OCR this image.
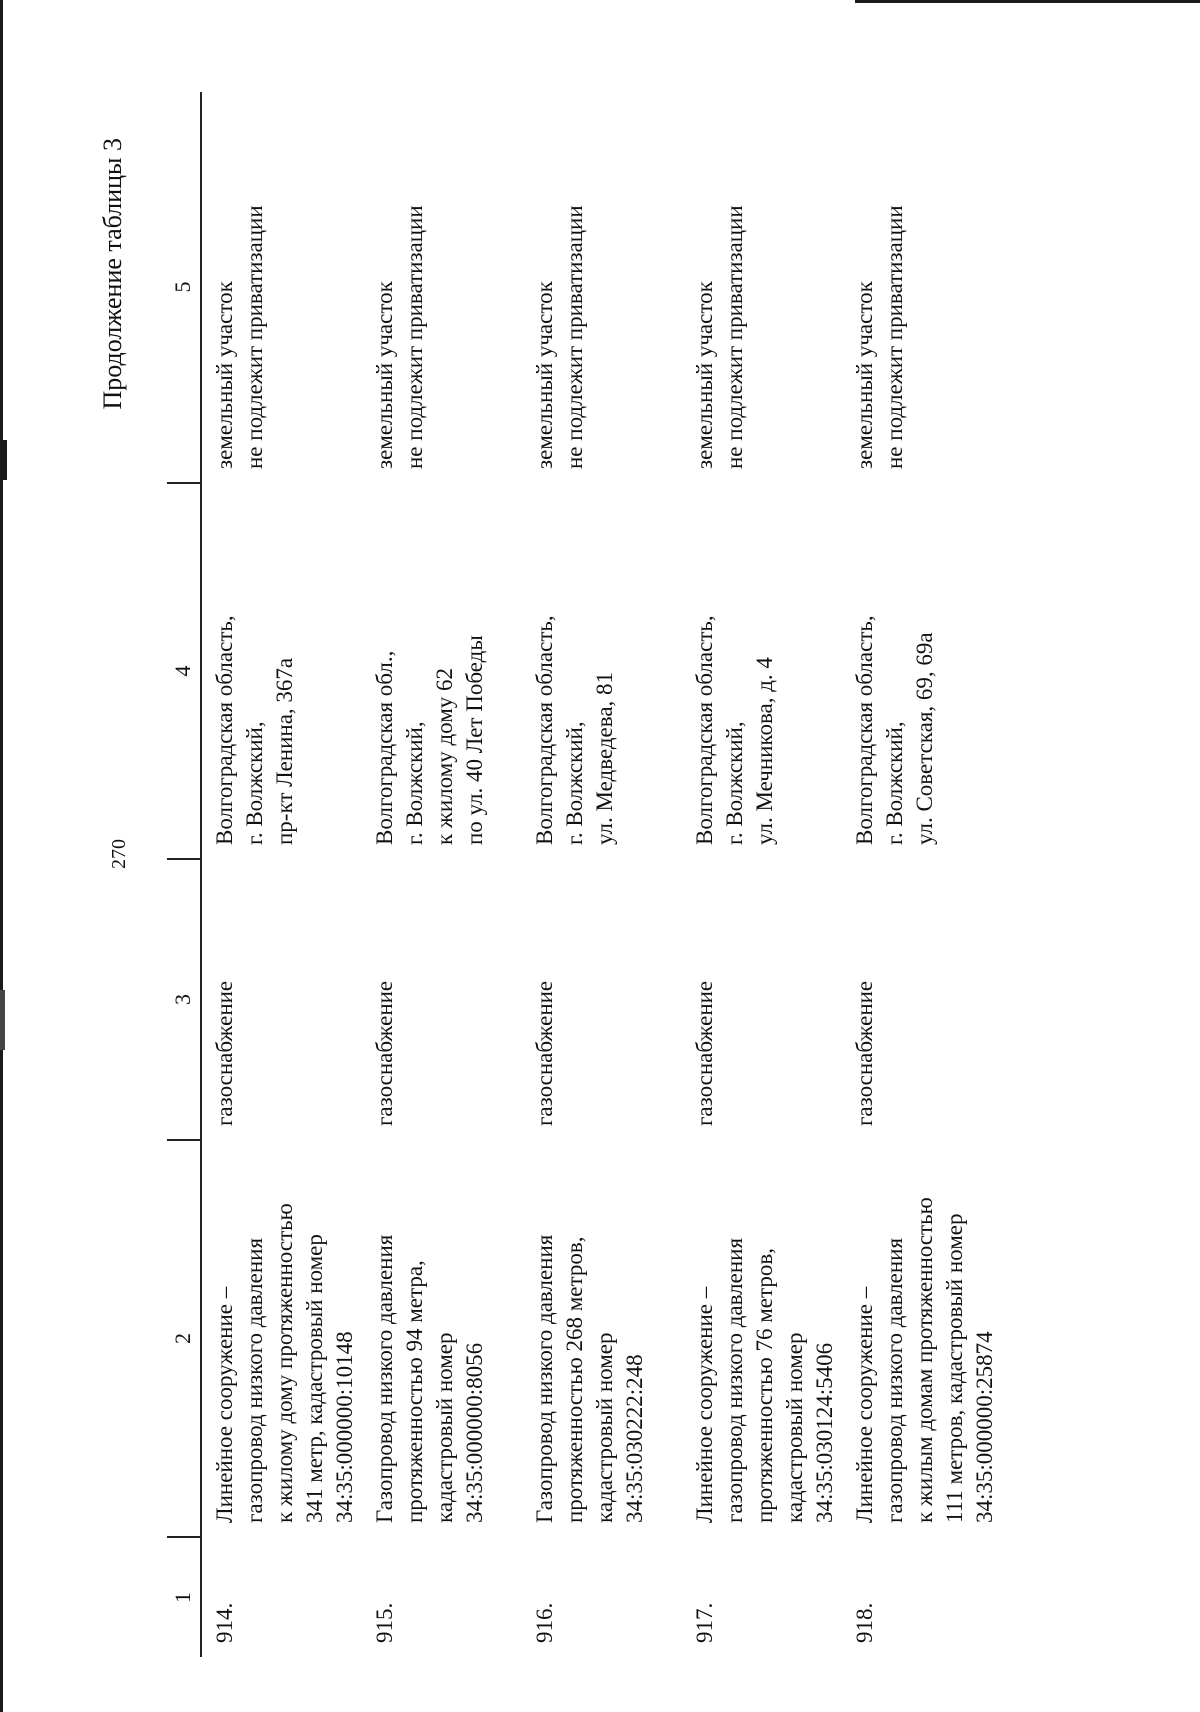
270
Продолжение таблицы 3
1	2	3	4	5
914.	Линейное сооружение – газопровод низкого давления к жилому дому протяженностью 341 метр, кадастровый номер 34:35:000000:10148	газоснабжение	Волгоградская область, г. Волжский, пр-кт Ленина, 367а	земельный участок не подлежит приватизации

915.	Газопровод низкого давления протяженностью 94 метра, кадастровый номер 34:35:000000:8056	газоснабжение	Волгоградская обл., г. Волжский, к жилому дому 62 по ул. 40 Лет Победы	земельный участок не подлежит приватизации

916.	Газопровод низкого давления протяженностью 268 метров, кадастровый номер 34:35:030222:248	газоснабжение	Волгоградская область, г. Волжский, ул. Медведева, 81	земельный участок не подлежит приватизации

917.	Линейное сооружение – газопровод низкого давления протяженностью 76 метров, кадастровый номер 34:35:030124:5406	газоснабжение	Волгоградская область, г. Волжский, ул. Мечникова, д. 4	земельный участок не подлежит приватизации

918.	Линейное сооружение – газопровод низкого давления к жилым домам протяженностью 111 метров, кадастровый номер 34:35:000000:25874	газоснабжение	Волгоградская область, г. Волжский, ул. Советская, 69, 69а	земельный участок не подлежит приватизации
